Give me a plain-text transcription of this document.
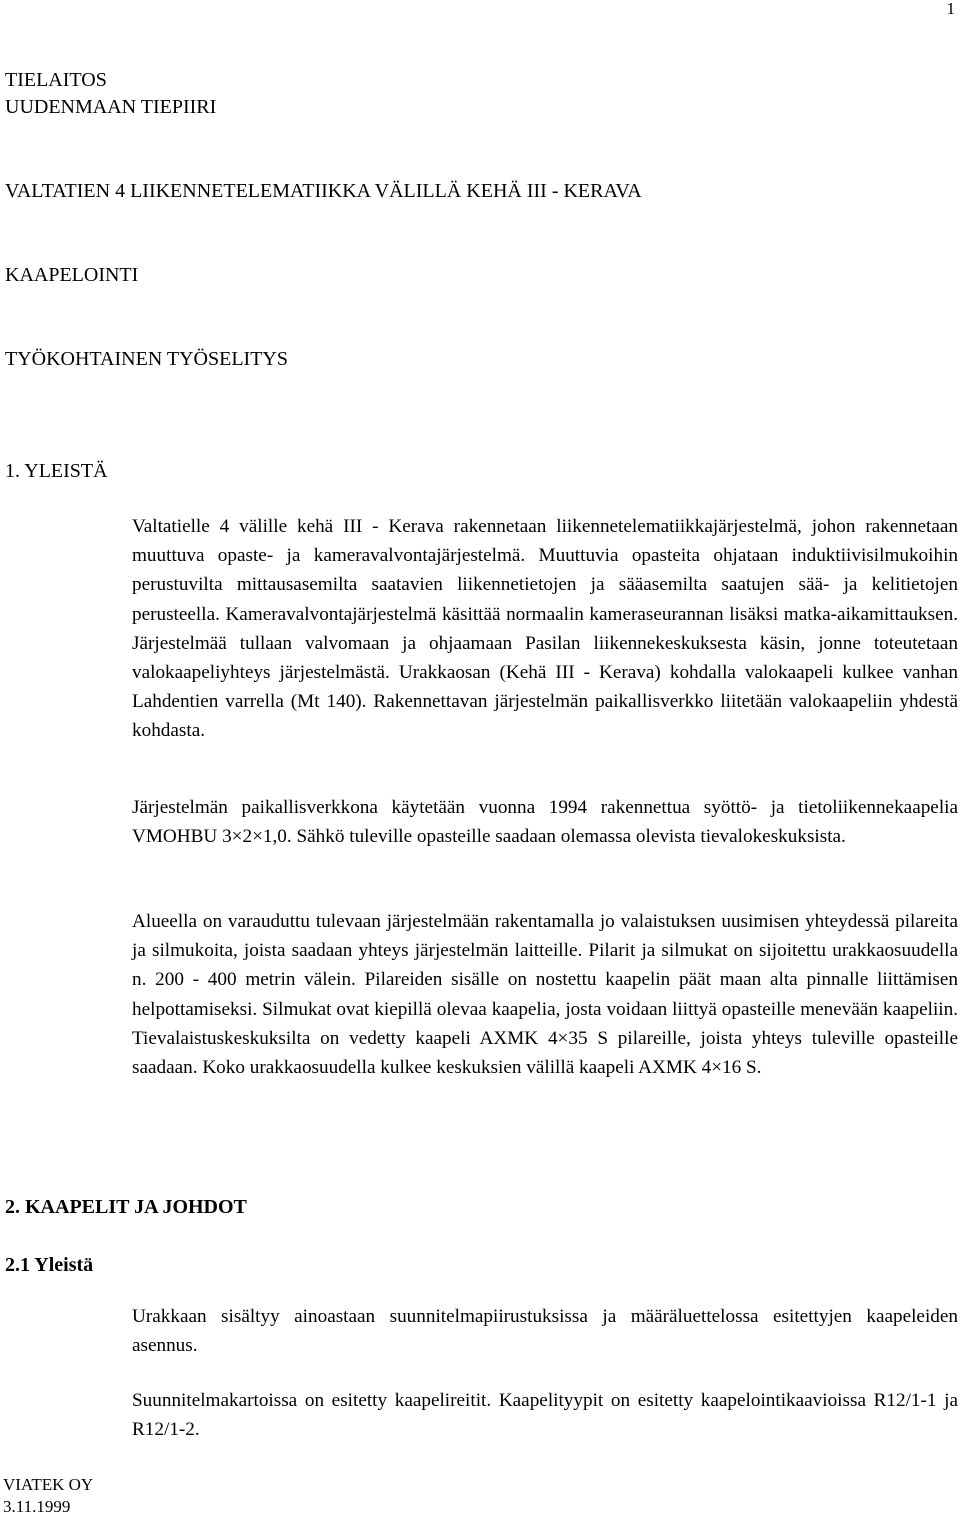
1
TIELAITOS
UUDENMAAN TIEPIIRI
VALTATIEN 4 LIIKENNETELEMATIIKKA VÄLILLÄ KEHÄ III - KERAVA
KAAPELOINTI
TYÖKOHTAINEN TYÖSELITYS
1. YLEISTÄ
Valtatielle 4 välille kehä III - Kerava rakennetaan liikennetelematiikkajärjestelmä, johon rakennetaan muuttuva opaste- ja kameravalvontajärjestelmä. Muuttuvia opasteita ohjataan induktiivisilmukoihin perustuvilta mittausasemilta saatavien liikennetietojen ja sääasemilta saatujen sää- ja kelitietojen perusteella. Kameravalvontajärjestelmä käsittää normaalin kameraseurannan lisäksi matka-aikamittauksen. Järjestelmää tullaan valvomaan ja ohjaamaan Pasilan liikennekeskuksesta käsin, jonne toteutetaan valokaapeliyhteys järjestelmästä. Urakkaosan (Kehä III - Kerava) kohdalla valokaapeli kulkee vanhan Lahdentien varrella (Mt 140). Rakennettavan järjestelmän paikallisverkko liitetään valokaapeliin yhdestä kohdasta.
Järjestelmän paikallisverkkona käytetään vuonna 1994 rakennettua syöttö- ja tietoliikennekaapelia VMOHBU 3×2×1,0. Sähkö tuleville opasteille saadaan olemassa olevista tievalokeskuksista.
Alueella on varauduttu tulevaan järjestelmään rakentamalla jo valaistuksen uusimisen yhteydessä pilareita ja silmukoita, joista saadaan yhteys järjestelmän laitteille. Pilarit ja silmukat on sijoitettu urakkaosuudella n. 200 - 400 metrin välein. Pilareiden sisälle on nostettu kaapelin päät maan alta pinnalle liittämisen helpottamiseksi. Silmukat ovat kiepillä olevaa kaapelia, josta voidaan liittyä opasteille menevään kaapeliin. Tievalaistuskeskuksilta on vedetty kaapeli AXMK 4×35 S pilareille, joista yhteys tuleville opasteille saadaan. Koko urakkaosuudella kulkee keskuksien välillä kaapeli AXMK 4×16 S.
2. KAAPELIT JA JOHDOT
2.1 Yleistä
Urakkaan sisältyy ainoastaan suunnitelmapiirustuksissa ja määräluettelossa esitettyjen kaapeleiden asennus.
Suunnitelmakartoissa on esitetty kaapelireitit. Kaapelityypit on esitetty kaapelointikaavioissa R12/1-1 ja R12/1-2.
VIATEK OY
3.11.1999
